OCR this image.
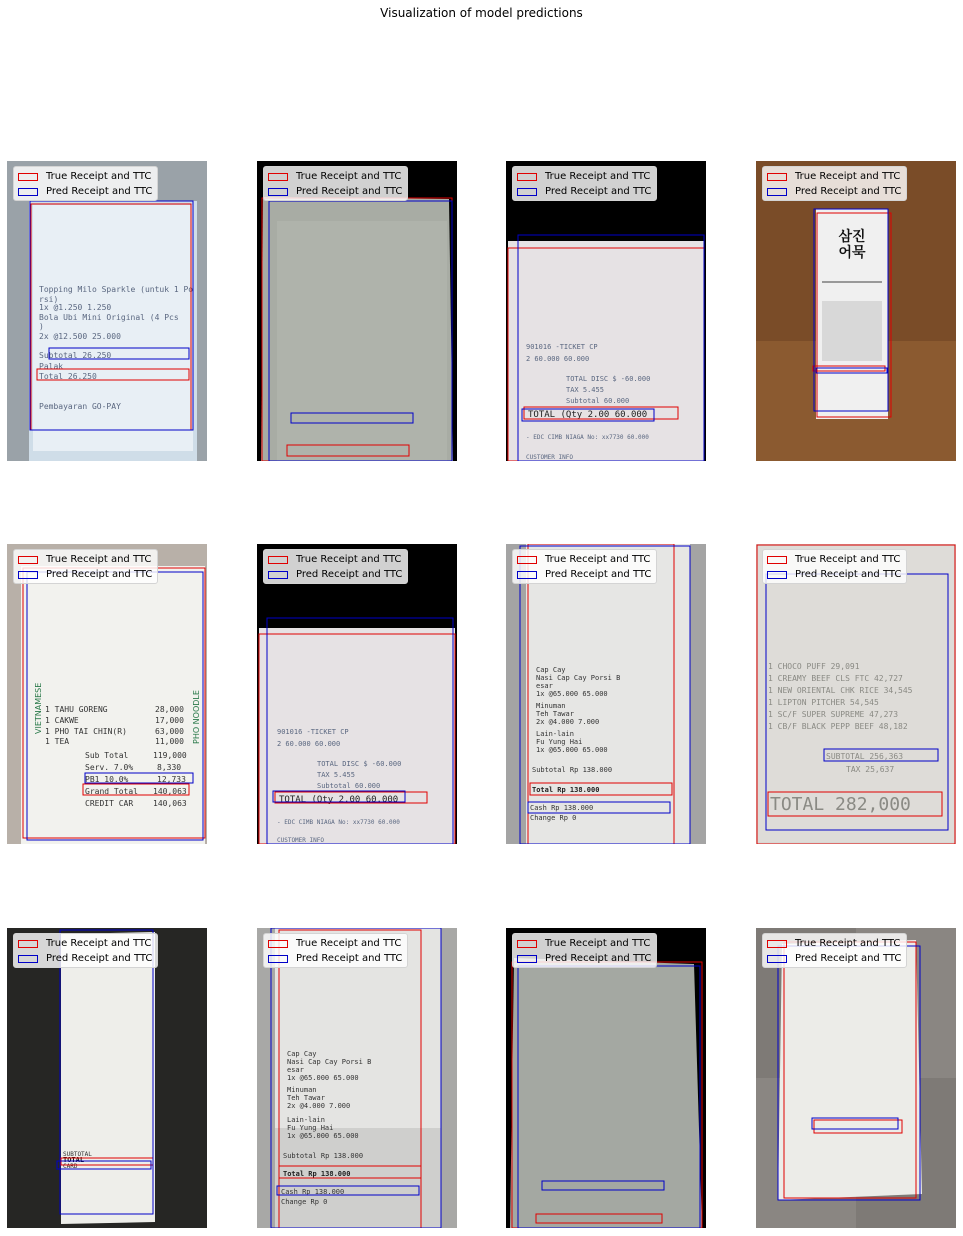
Visualization of model predictions
Topping Milo Sparkle (untuk 1 Po
rsi)
1x @1.250 1.250
Bola Ubi Mini Original (4 Pcs
)
2x @12.500 25.000
Subtotal 26.250
Palak
Total 26.250
Pembayaran GO-PAY
True Receipt and TTC
Pred Receipt and TTC
True Receipt and TTC
Pred Receipt and TTC
901016 -TICKET CP
2 60.000 60.000
TOTAL DISC $ -60.000
TAX 5.455
Subtotal 60.000
TOTAL (Qty 2.00 60.000
- EDC CIMB NIAGA No: xx7730 60.000
CUSTOMER INFO
True Receipt and TTC
Pred Receipt and TTC
삼진
어묵
True Receipt and TTC
Pred Receipt and TTC
VIETNAMESE	PHO NOODLE
1 TAHU GORENG	28,000
1 CAKWE	17,000
1 PHO TAI CHIN(R)	63,000
1 TEA	11,000
Sub Total	119,000
Serv. 7.0%	8,330
PB1 10.0%	12,733
Grand Total 140,063
CREDIT CAR 140,063
True Receipt and TTC
Pred Receipt and TTC
901016 -TICKET CP
2 60.000 60.000
TOTAL DISC $ -60.000
TAX 5.455
Subtotal 60.000
TOTAL (Qty 2.00 60.000
- EDC CIMB NIAGA No: xx7730 60.000
CUSTOMER INFO
True Receipt and TTC
Pred Receipt and TTC
Cap Cay
Nasi Cap Cay Porsi B
esar
1x @65.000 65.000
Minuman
Teh Tawar
2x @4.000 7.000
Lain-lain
Fu Yung Hai
1x @65.000 65.000
Subtotal Rp 138.000
Total Rp 138.000
Cash Rp 138.000
Change Rp 0
True Receipt and TTC
Pred Receipt and TTC
1 CHOCO PUFF 29,091
1 CREAMY BEEF CLS FTC 42,727
1 NEW ORIENTAL CHK RICE 34,545
1 LIPTON PITCHER 54,545
1 SC/F SUPER SUPREME 47,273
1 CB/F BLACK PEPP BEEF 48,182
SUBTOTAL 256,363
TAX 25,637
TOTAL 282,000
True Receipt and TTC
Pred Receipt and TTC
SUBTOTAL
TOTAL
CARD
True Receipt and TTC
Pred Receipt and TTC
Cap Cay
Nasi Cap Cay Porsi B
esar
1x @65.000 65.000
Minuman
Teh Tawar
2x @4.000 7.000
Lain-lain
Fu Yung Hai
1x @65.000 65.000
Subtotal Rp 138.000
Total Rp 138.000
Cash Rp 138.000
Change Rp 0
True Receipt and TTC
Pred Receipt and TTC
True Receipt and TTC
Pred Receipt and TTC
True Receipt and TTC
Pred Receipt and TTC
